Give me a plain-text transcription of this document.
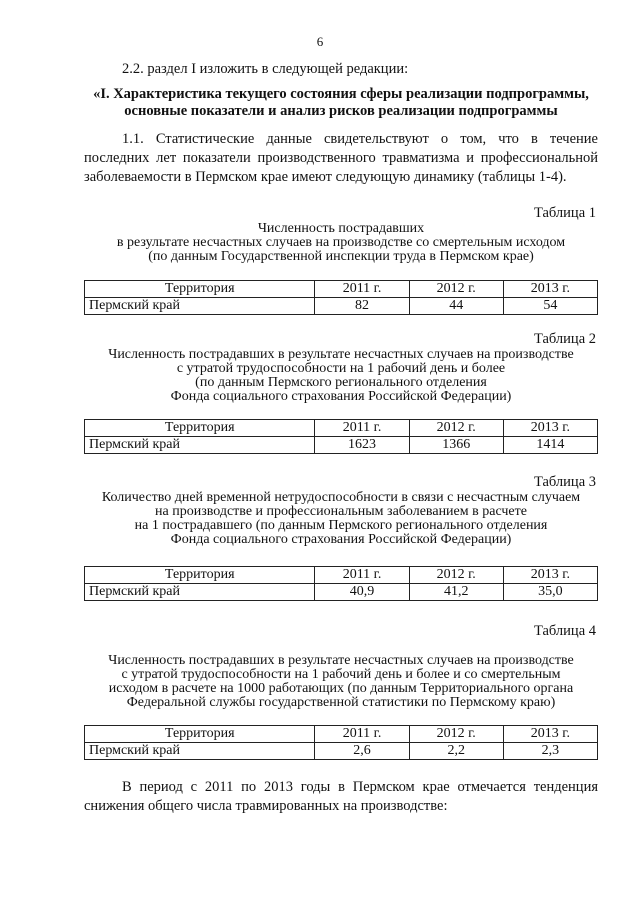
6
2.2. раздел I изложить в следующей редакции:
«I. Характеристика текущего состояния сферы реализации подпрограммы,
основные показатели и анализ рисков реализации подпрограммы
1.1. Статистические данные свидетельствуют о том, что в течение последних лет показатели производственного травматизма и профессиональной заболеваемости в Пермском крае имеют следующую динамику (таблицы 1-4).
Таблица 1
Численность пострадавших
в результате несчастных случаев на производстве со смертельным исходом
(по данным Государственной инспекции труда в Пермском крае)
Территория	2011 г.	2012 г.	2013 г.
Пермский край	82	44	54
Таблица 2
Численность пострадавших в результате несчастных случаев на производстве
с утратой трудоспособности на 1 рабочий день и более
(по данным Пермского регионального отделения
Фонда социального страхования Российской Федерации)
Территория	2011 г.	2012 г.	2013 г.
Пермский край	1623	1366	1414
Таблица 3
Количество дней временной нетрудоспособности в связи с несчастным случаем
на производстве и профессиональным заболеванием в расчете
на 1 пострадавшего (по данным Пермского регионального отделения
Фонда социального страхования Российской Федерации)
Территория	2011 г.	2012 г.	2013 г.
Пермский край	40,9	41,2	35,0
Таблица 4
Численность пострадавших в результате несчастных случаев на производстве
с утратой трудоспособности на 1 рабочий день и более и со смертельным
исходом в расчете на 1000 работающих (по данным Территориального органа
Федеральной службы государственной статистики по Пермскому краю)
Территория	2011 г.	2012 г.	2013 г.
Пермский край	2,6	2,2	2,3
В период с 2011 по 2013 годы в Пермском крае отмечается тенденция снижения общего числа травмированных на производстве:
